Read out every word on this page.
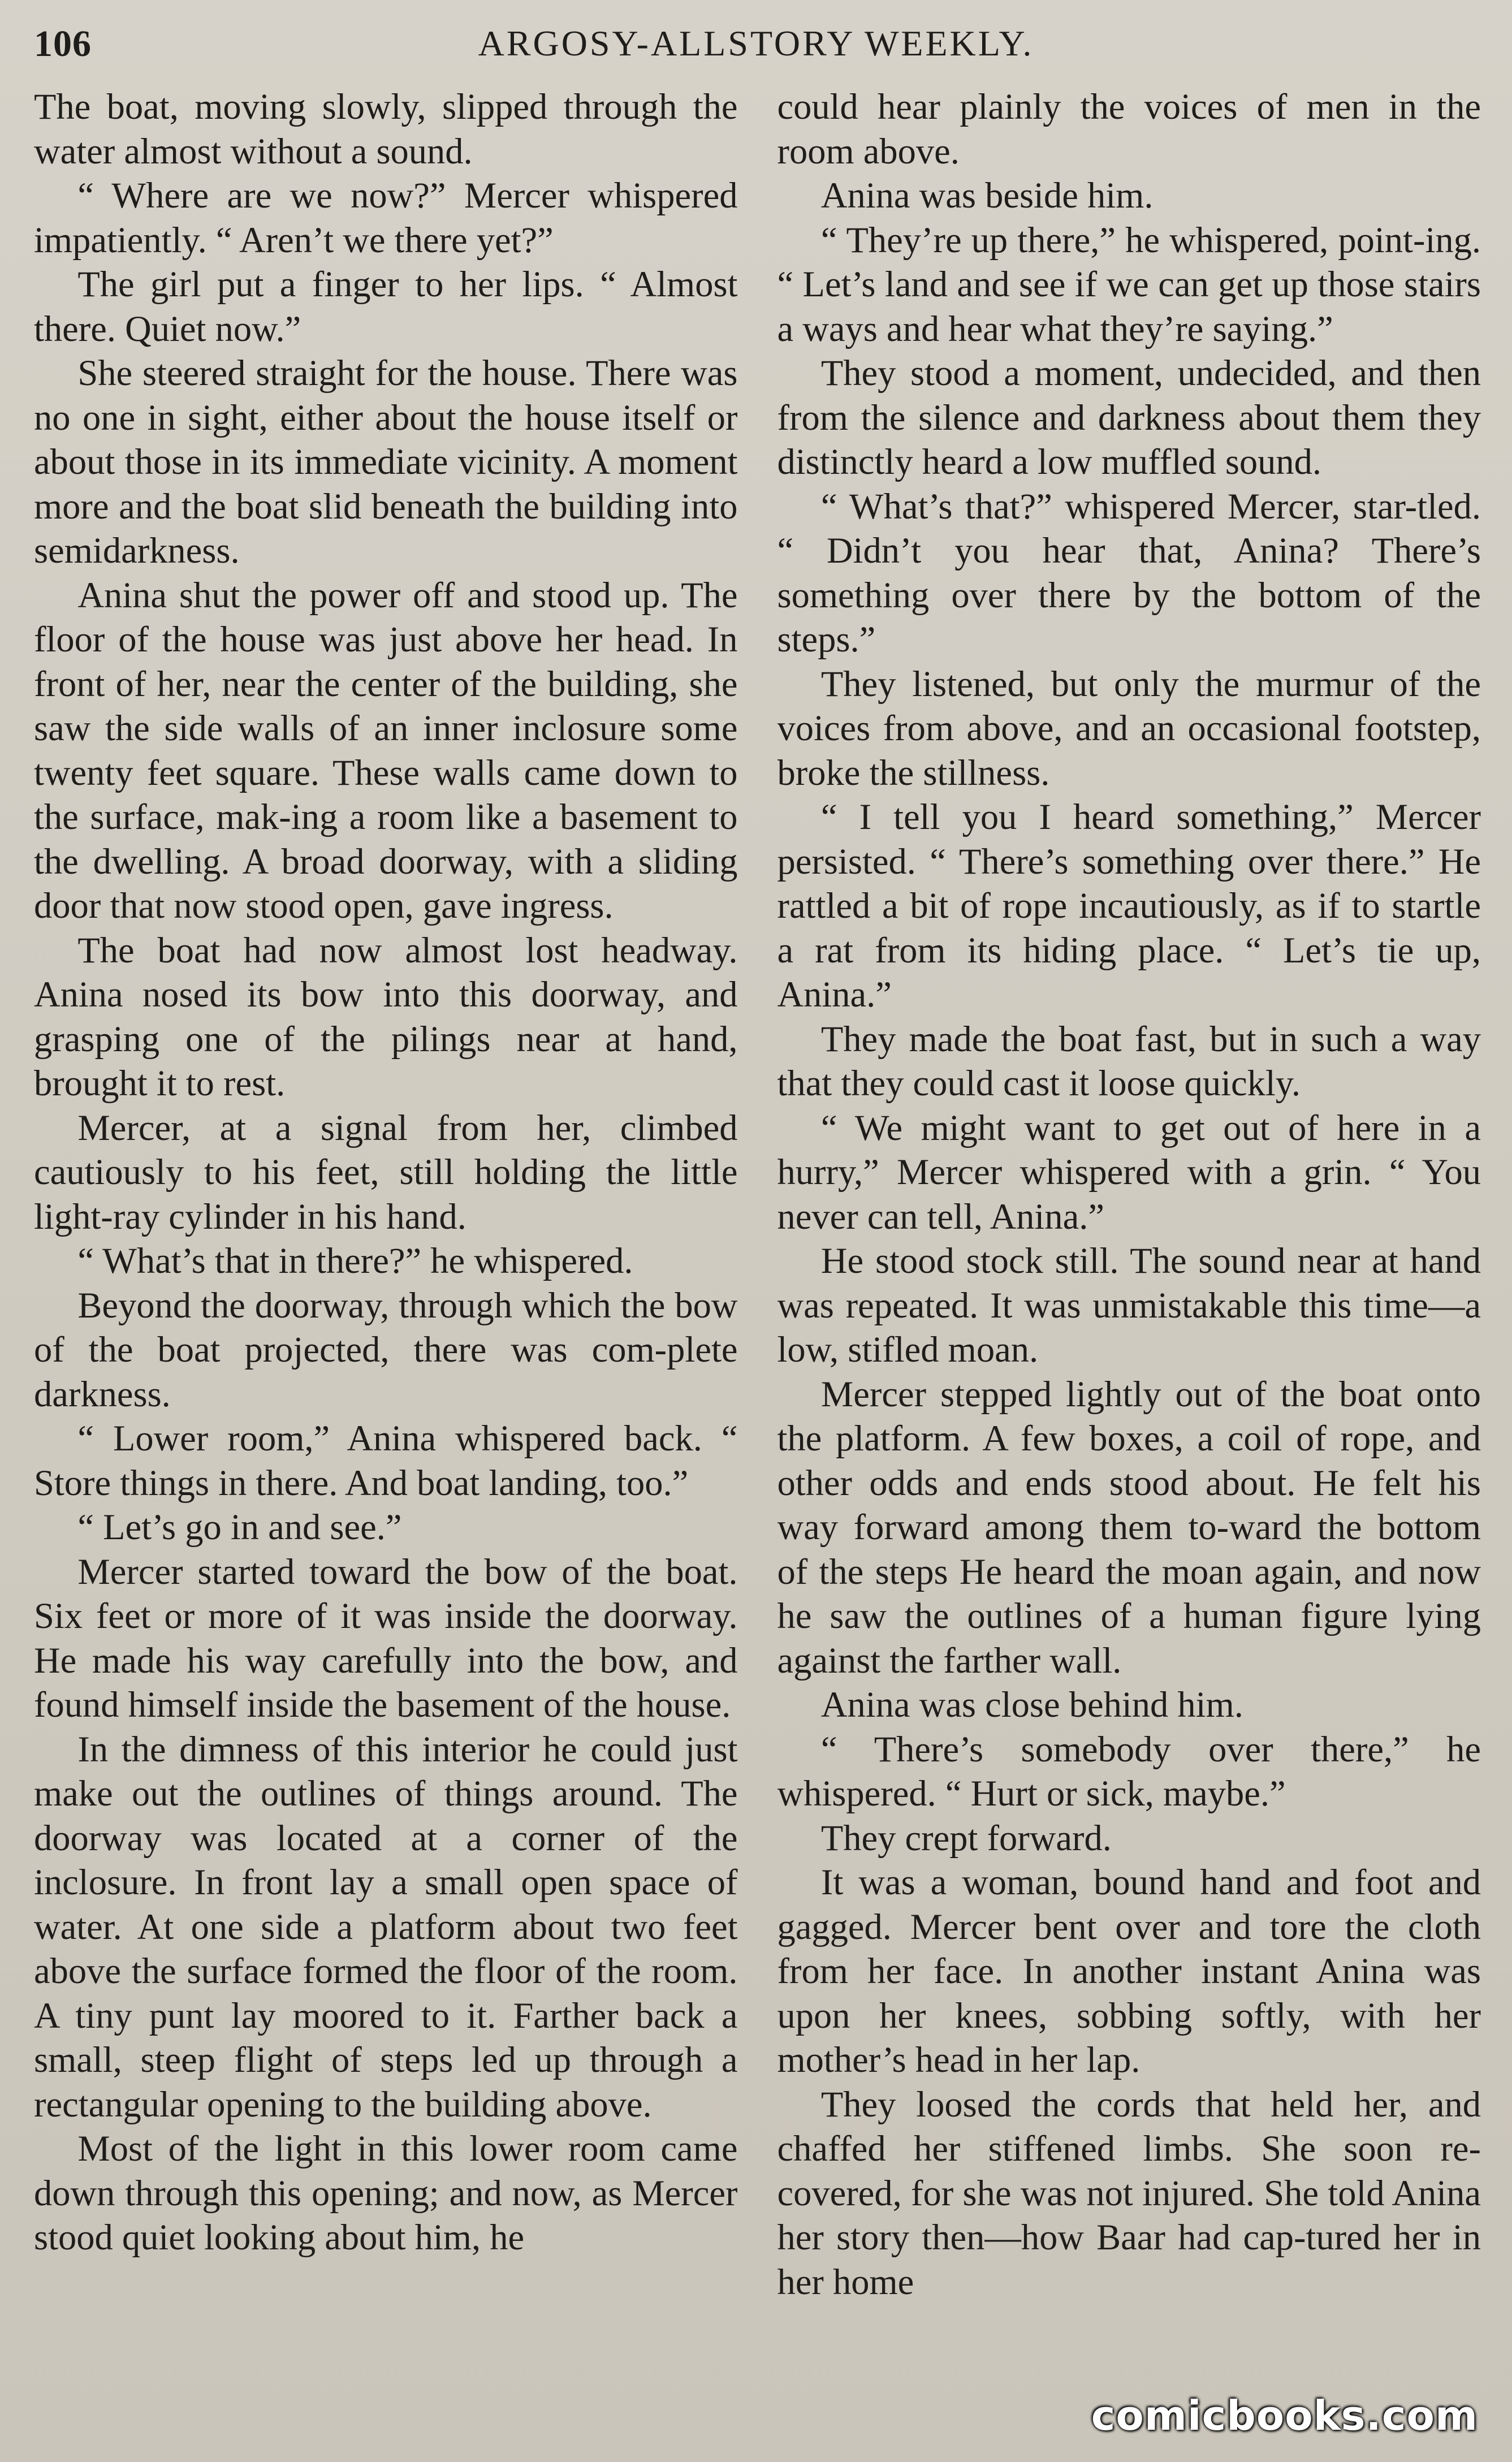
106	ARGOSY-ALLSTORY WEEKLY.

The boat, moving slowly, slipped through the water almost without a sound.

“ Where are we now?” Mercer whispered impatiently. “ Aren’t we there yet?”

The girl put a finger to her lips. “ Almost there. Quiet now.”

She steered straight for the house. There was no one in sight, either about the house itself or about those in its immediate vicinity. A moment more and the boat slid beneath the building into semidarkness.

Anina shut the power off and stood up. The floor of the house was just above her head. In front of her, near the center of the building, she saw the side walls of an inner inclosure some twenty feet square. These walls came down to the surface, mak-ing a room like a basement to the dwelling. A broad doorway, with a sliding door that now stood open, gave ingress.

The boat had now almost lost headway. Anina nosed its bow into this doorway, and grasping one of the pilings near at hand, brought it to rest.

Mercer, at a signal from her, climbed cautiously to his feet, still holding the little light-ray cylinder in his hand.

“ What’s that in there?” he whispered.

Beyond the doorway, through which the bow of the boat projected, there was com-plete darkness.

“ Lower room,” Anina whispered back. “ Store things in there. And boat landing, too.”

“ Let’s go in and see.”

Mercer started toward the bow of the boat. Six feet or more of it was inside the doorway. He made his way carefully into the bow, and found himself inside the basement of the house.

In the dimness of this interior he could just make out the outlines of things around. The doorway was located at a corner of the inclosure. In front lay a small open space of water. At one side a platform about two feet above the surface formed the floor of the room. A tiny punt lay moored to it. Farther back a small, steep flight of steps led up through a rectangular opening to the building above.

Most of the light in this lower room came down through this opening; and now, as Mercer stood quiet looking about him, he

could hear plainly the voices of men in the room above.

Anina was beside him.

“ They’re up there,” he whispered, point-ing. “ Let’s land and see if we can get up those stairs a ways and hear what they’re saying.”

They stood a moment, undecided, and then from the silence and darkness about them they distinctly heard a low muffled sound.

“ What’s that?” whispered Mercer, star-tled. “ Didn’t you hear that, Anina? There’s something over there by the bottom of the steps.”

They listened, but only the murmur of the voices from above, and an occasional footstep, broke the stillness.

“ I tell you I heard something,” Mercer persisted. “ There’s something over there.” He rattled a bit of rope incautiously, as if to startle a rat from its hiding place. “ Let’s tie up, Anina.”

They made the boat fast, but in such a way that they could cast it loose quickly.

“ We might want to get out of here in a hurry,” Mercer whispered with a grin. “ You never can tell, Anina.”

He stood stock still. The sound near at hand was repeated. It was unmistakable this time—a low, stifled moan.

Mercer stepped lightly out of the boat onto the platform. A few boxes, a coil of rope, and other odds and ends stood about. He felt his way forward among them to-ward the bottom of the steps He heard the moan again, and now he saw the outlines of a human figure lying against the farther wall.

Anina was close behind him.

“ There’s somebody over there,” he whispered. “ Hurt or sick, maybe.”

They crept forward.

It was a woman, bound hand and foot and gagged. Mercer bent over and tore the cloth from her face. In another instant Anina was upon her knees, sobbing softly, with her mother’s head in her lap.

They loosed the cords that held her, and chaffed her stiffened limbs. She soon re-covered, for she was not injured. She told Anina her story then—how Baar had cap-tured her in her home

comicbooks.com
